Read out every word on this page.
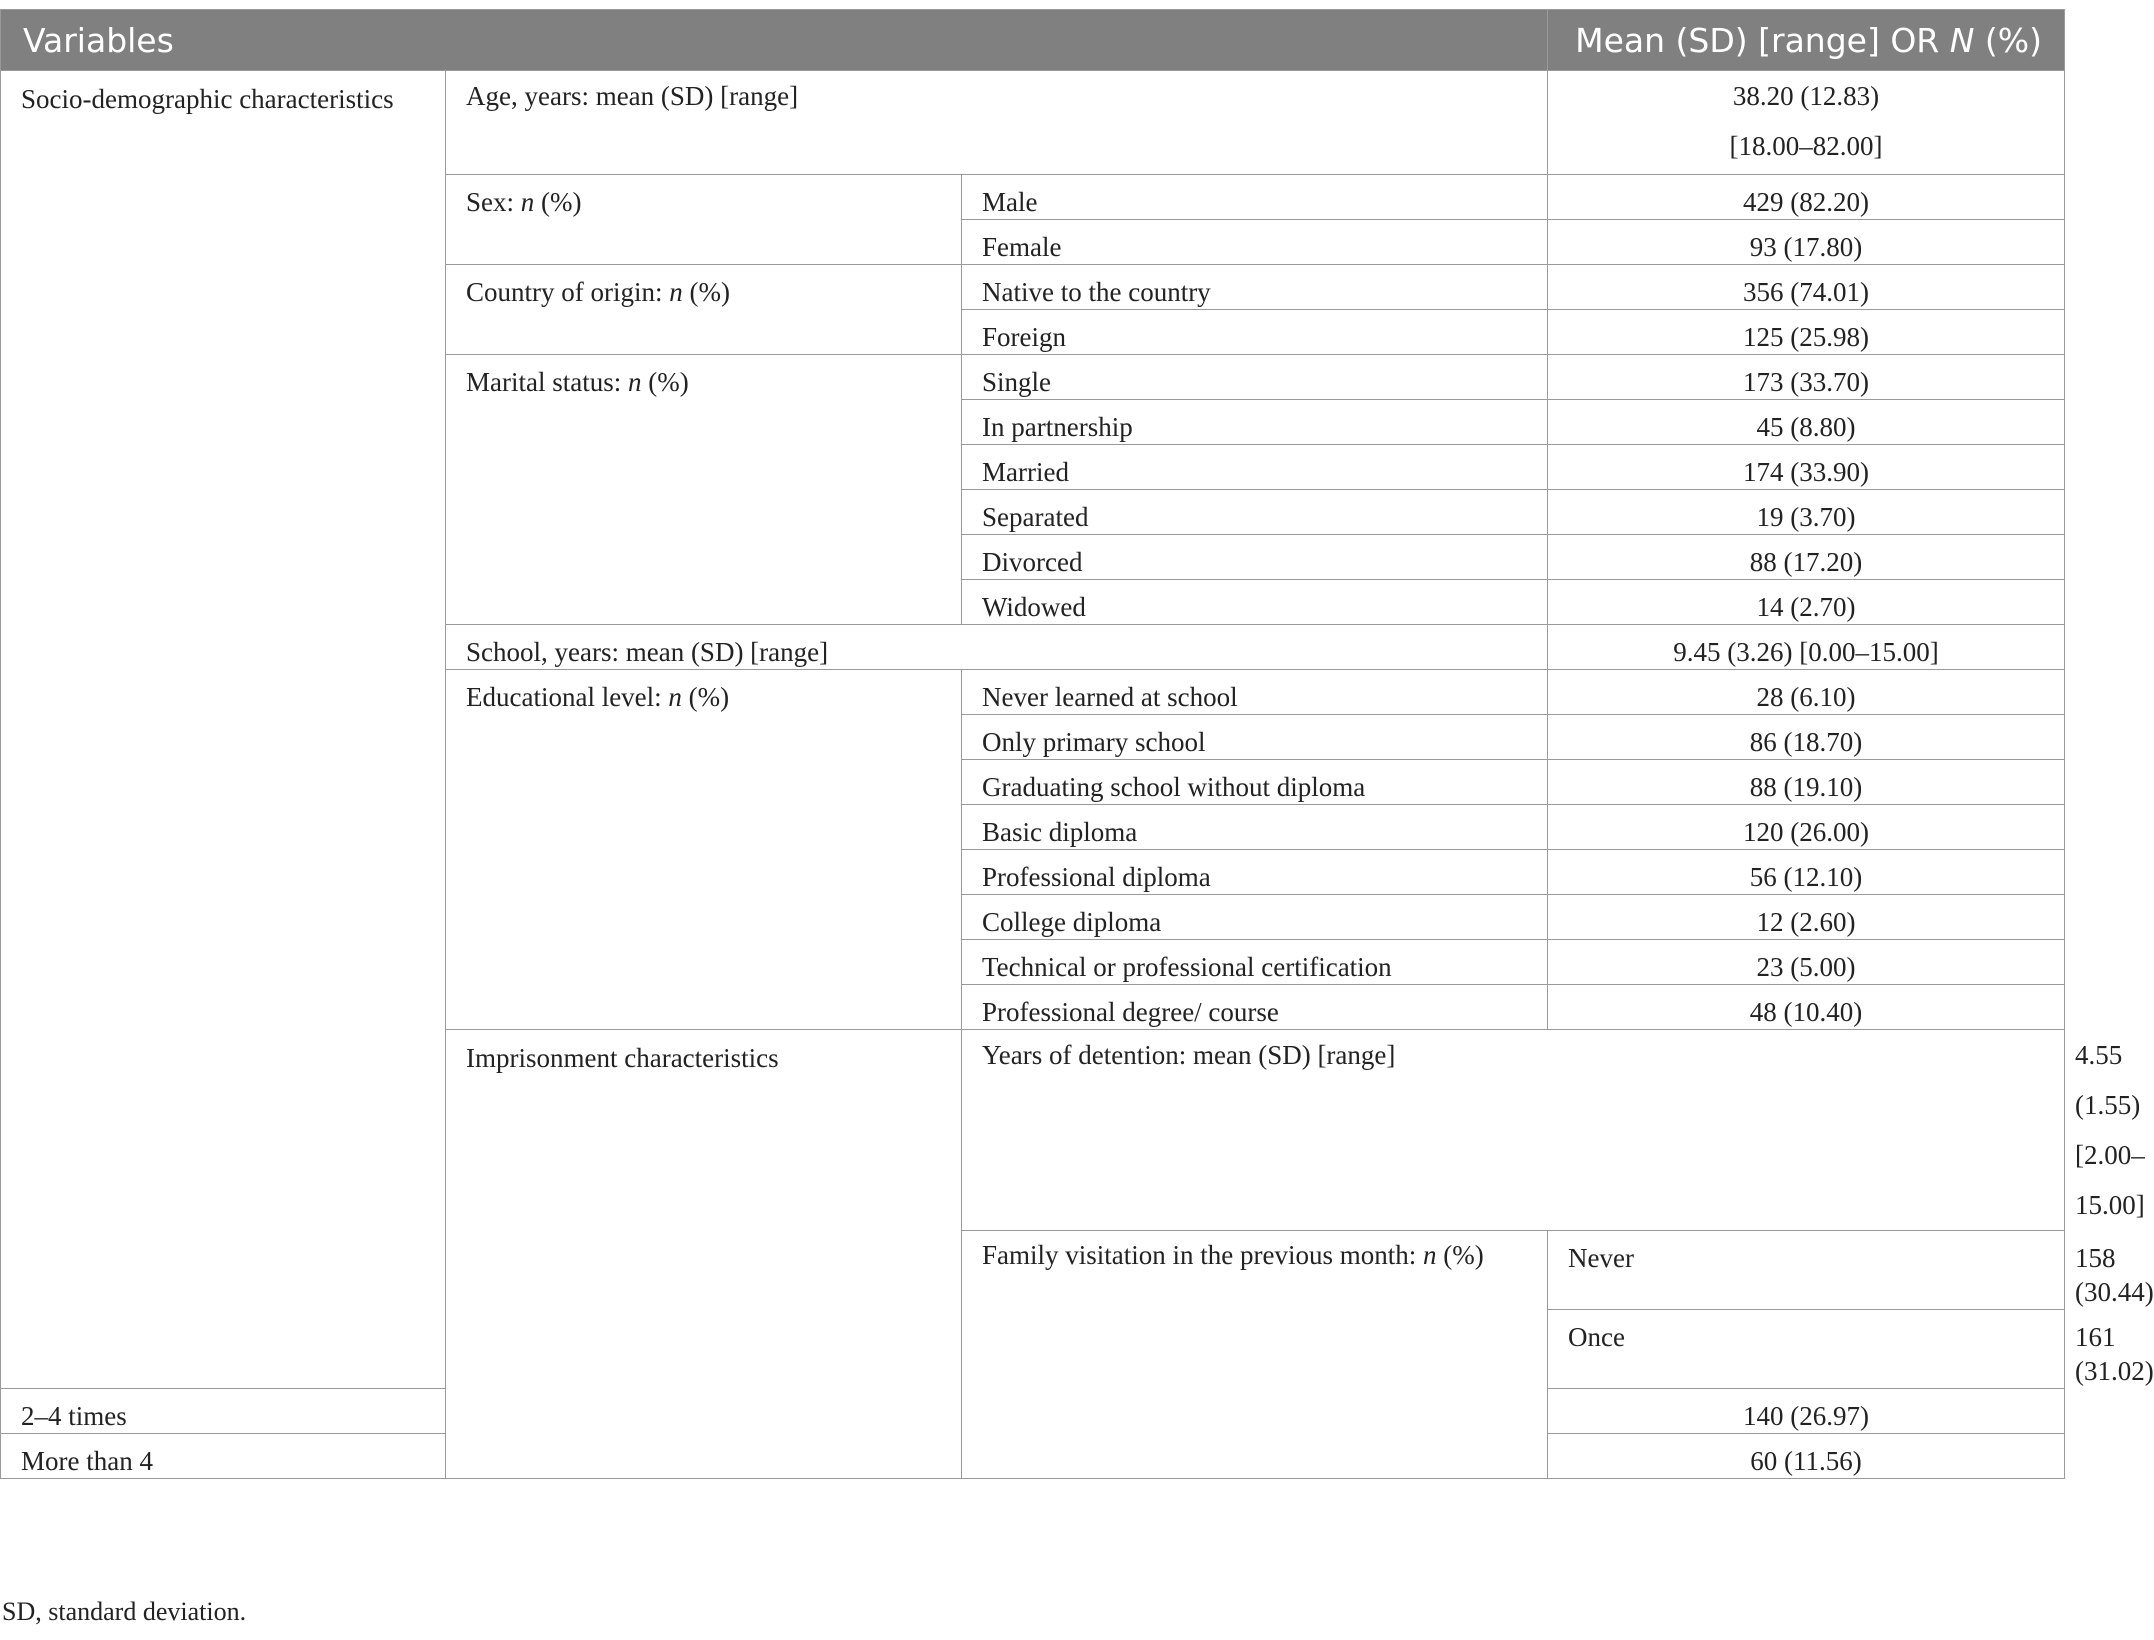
Variables			Mean (SD) [range] OR N (%)	
Socio-demographic characteristics	Age, years: mean (SD) [range]		38.20 (12.83)
[18.00–82.00]	
	Sex: n (%)	Male	429 (82.20)	
		Female	93 (17.80)	
	Country of origin: n (%)	Native to the country	356 (74.01)	
		Foreign	125 (25.98)	
	Marital status: n (%)	Single	173 (33.70)	
		In partnership	45 (8.80)	
		Married	174 (33.90)	
		Separated	19 (3.70)	
		Divorced	88 (17.20)	
		Widowed	14 (2.70)	
	School, years: mean (SD) [range]		9.45 (3.26) [0.00–15.00]	
	Educational level: n (%)	Never learned at school	28 (6.10)	
		Only primary school	86 (18.70)	
		Graduating school without diploma	88 (19.10)	
		Basic diploma	120 (26.00)	
		Professional diploma	56 (12.10)	
		College diploma	12 (2.60)	
		Technical or professional certification	23 (5.00)	
		Professional degree/ course	48 (10.40)	
	Imprisonment characteristics	Years of detention: mean (SD) [range]		4.55 (1.55)
[2.00–15.00]
		Family visitation in the previous month: n (%)	Never	158 (30.44)
			Once	161 (31.02)
2–4 times			140 (26.97)	
More than 4			60 (11.56)	
SD, standard deviation.
